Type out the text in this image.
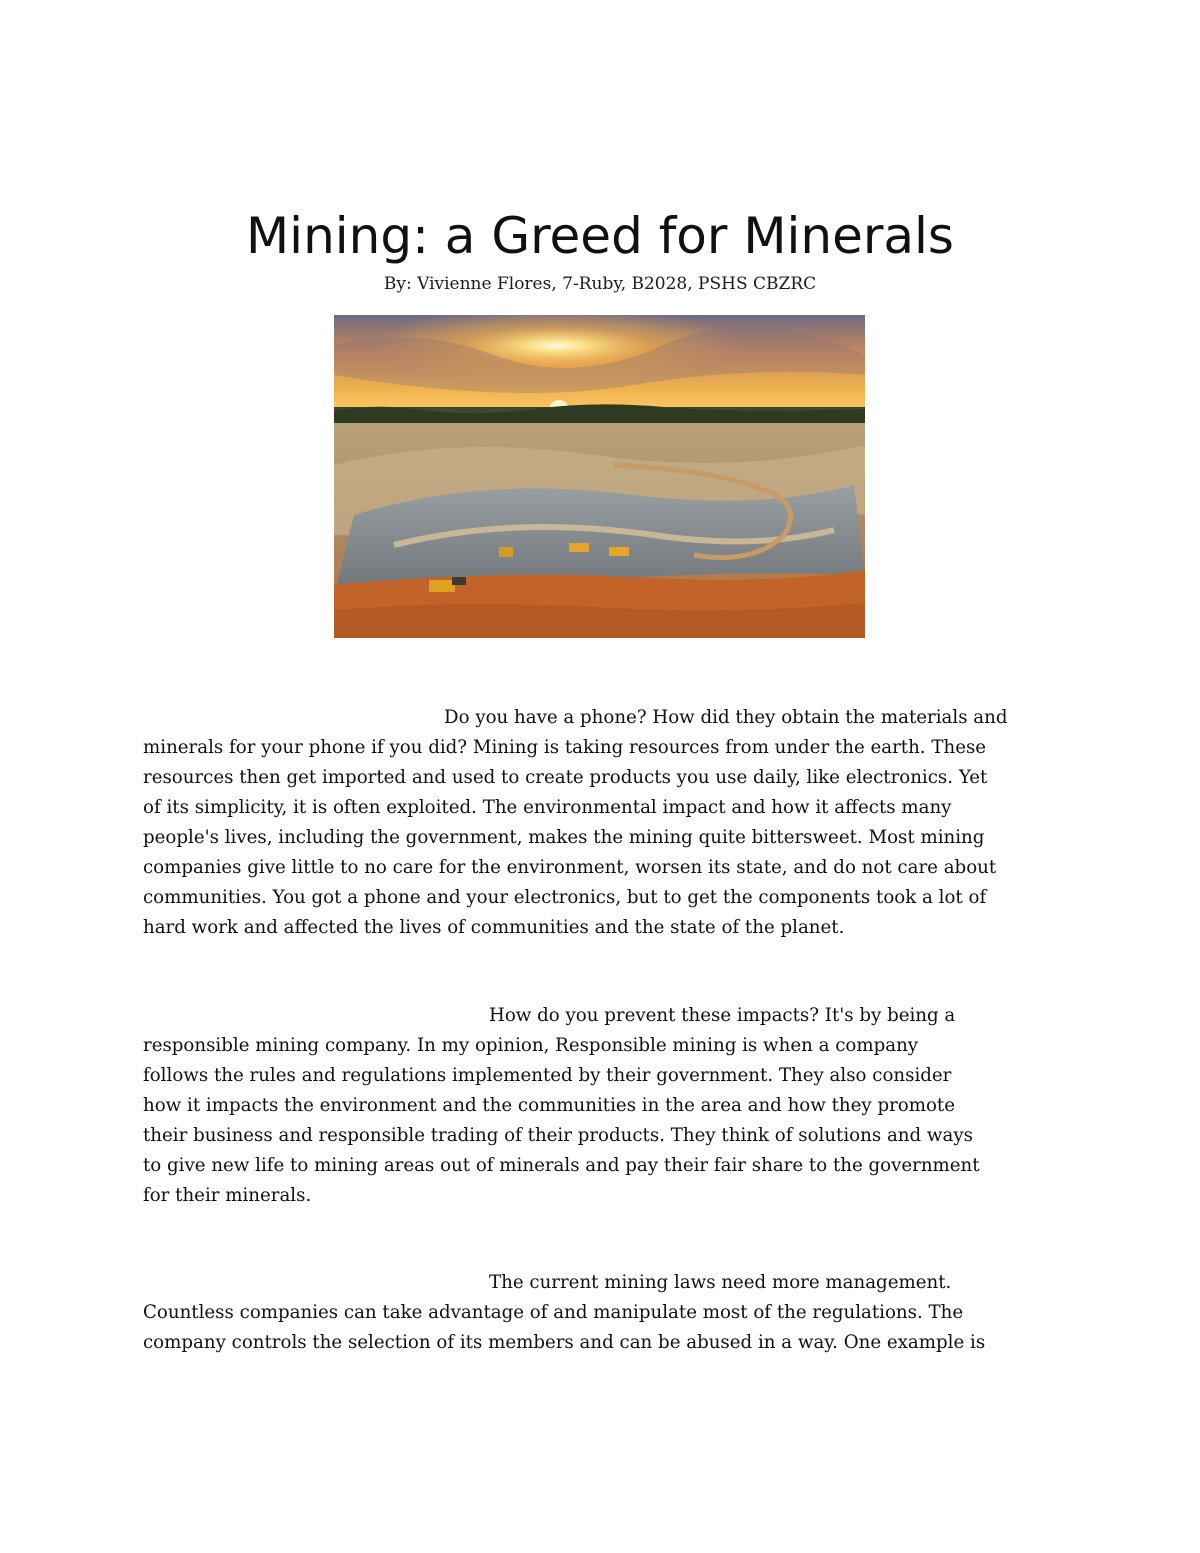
Mining: a Greed for Minerals
By: Vivienne Flores, 7-Ruby, B2028, PSHS CBZRC
Do you have a phone? How did they obtain the materials and
minerals for your phone if you did? Mining is taking resources from under the earth. These
resources then get imported and used to create products you use daily, like electronics. Yet
of its simplicity, it is often exploited. The environmental impact and how it affects many
people's lives, including the government, makes the mining quite bittersweet. Most mining
companies give little to no care for the environment, worsen its state, and do not care about
communities. You got a phone and your electronics, but to get the components took a lot of
hard work and affected the lives of communities and the state of the planet.
How do you prevent these impacts? It's by being a
responsible mining company. In my opinion, Responsible mining is when a company
follows the rules and regulations implemented by their government. They also consider
how it impacts the environment and the communities in the area and how they promote
their business and responsible trading of their products. They think of solutions and ways
to give new life to mining areas out of minerals and pay their fair share to the government
for their minerals.
The current mining laws need more management.
Countless companies can take advantage of and manipulate most of the regulations. The
company controls the selection of its members and can be abused in a way. One example is
